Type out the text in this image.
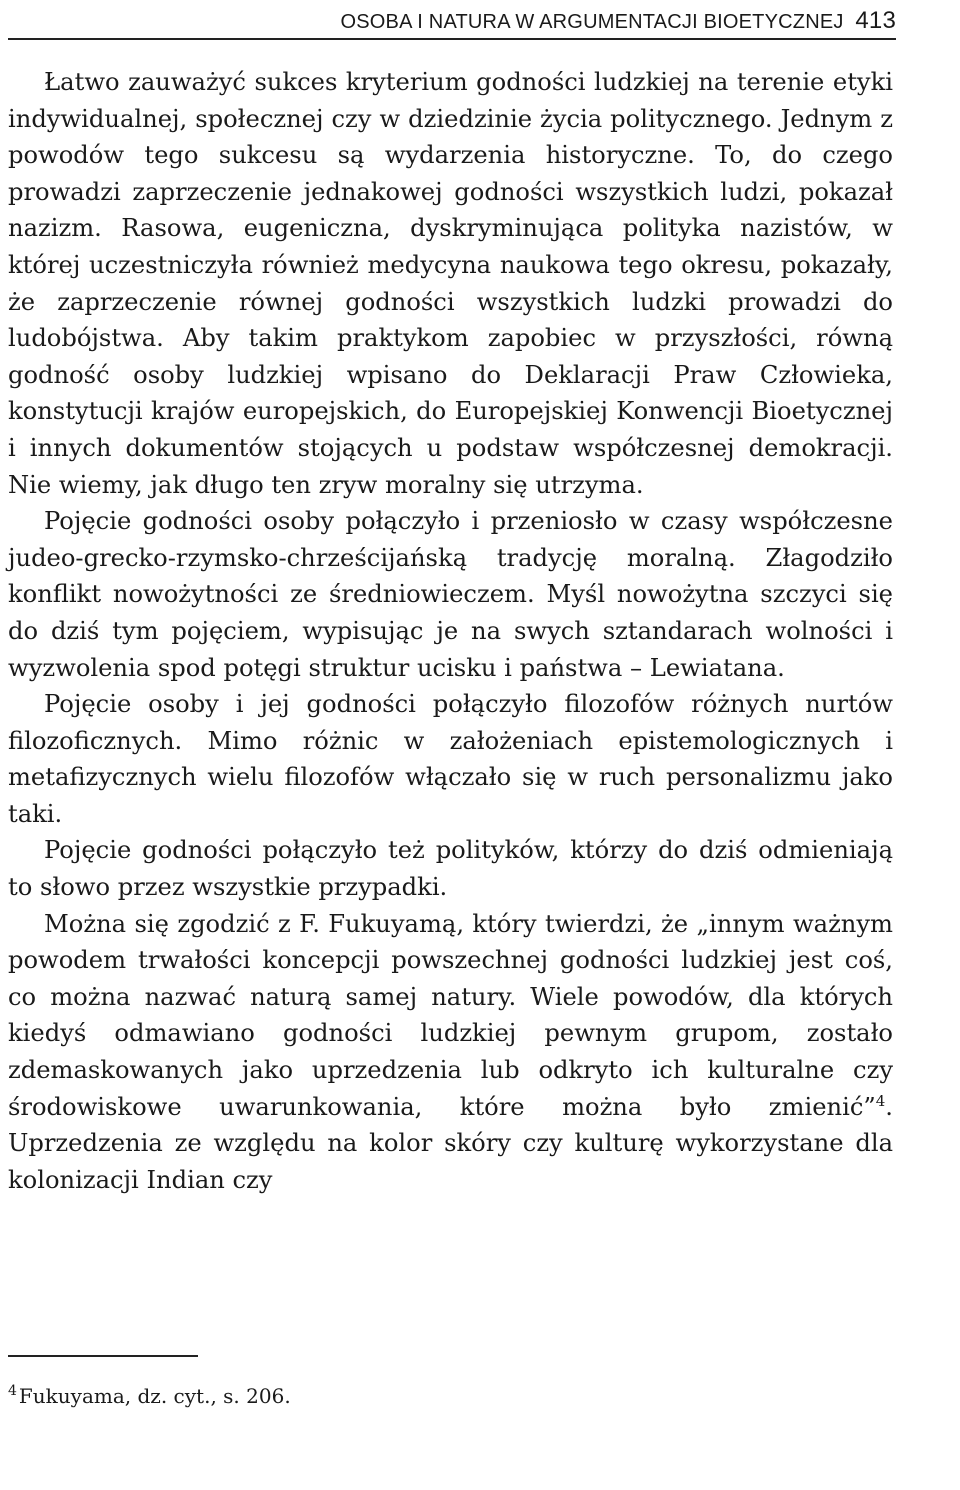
OSOBA I NATURA W ARGUMENTACJI BIOETYCZNEJ 413

Łatwo zauważyć sukces kryterium godności ludzkiej na terenie etyki indywidualnej, społecznej czy w dziedzinie życia politycznego. Jednym z powodów tego sukcesu są wydarzenia historyczne. To, do czego prowadzi zaprzeczenie jednakowej godności wszystkich ludzi, pokazał nazizm. Rasowa, eugeniczna, dyskryminująca polityka nazistów, w której uczestniczyła również medycyna naukowa tego okresu, pokazały, że zaprzeczenie równej godności wszystkich ludzki prowadzi do ludobójstwa. Aby takim praktykom zapobiec w przyszłości, równą godność osoby ludzkiej wpisano do Deklaracji Praw Człowieka, konstytucji krajów europejskich, do Europejskiej Konwencji Bioetycznej i innych dokumentów stojących u podstaw współczesnej demokracji. Nie wiemy, jak długo ten zryw moralny się utrzyma.

Pojęcie godności osoby połączyło i przeniosło w czasy współczesne judeo-grecko-rzymsko-chrześcijańską tradycję moralną. Złagodziło konflikt nowożytności ze średniowieczem. Myśl nowożytna szczyci się do dziś tym pojęciem, wypisując je na swych sztandarach wolności i wyzwolenia spod potęgi struktur ucisku i państwa – Lewiatana.

Pojęcie osoby i jej godności połączyło filozofów różnych nurtów filozoficznych. Mimo różnic w założeniach epistemologicznych i metafizycznych wielu filozofów włączało się w ruch personalizmu jako taki.

Pojęcie godności połączyło też polityków, którzy do dziś odmieniają to słowo przez wszystkie przypadki.

Można się zgodzić z F. Fukuyamą, który twierdzi, że „innym ważnym powodem trwałości koncepcji powszechnej godności ludzkiej jest coś, co można nazwać naturą samej natury. Wiele powodów, dla których kiedyś odmawiano godności ludzkiej pewnym grupom, zostało zdemaskowanych jako uprzedzenia lub odkryto ich kulturalne czy środowiskowe uwarunkowania, które można było zmienić”$^4$. Uprzedzenia ze względu na kolor skóry czy kulturę wykorzystane dla kolonizacji Indian czy

$^4$ Fukuyama, dz. cyt., s. 206.
